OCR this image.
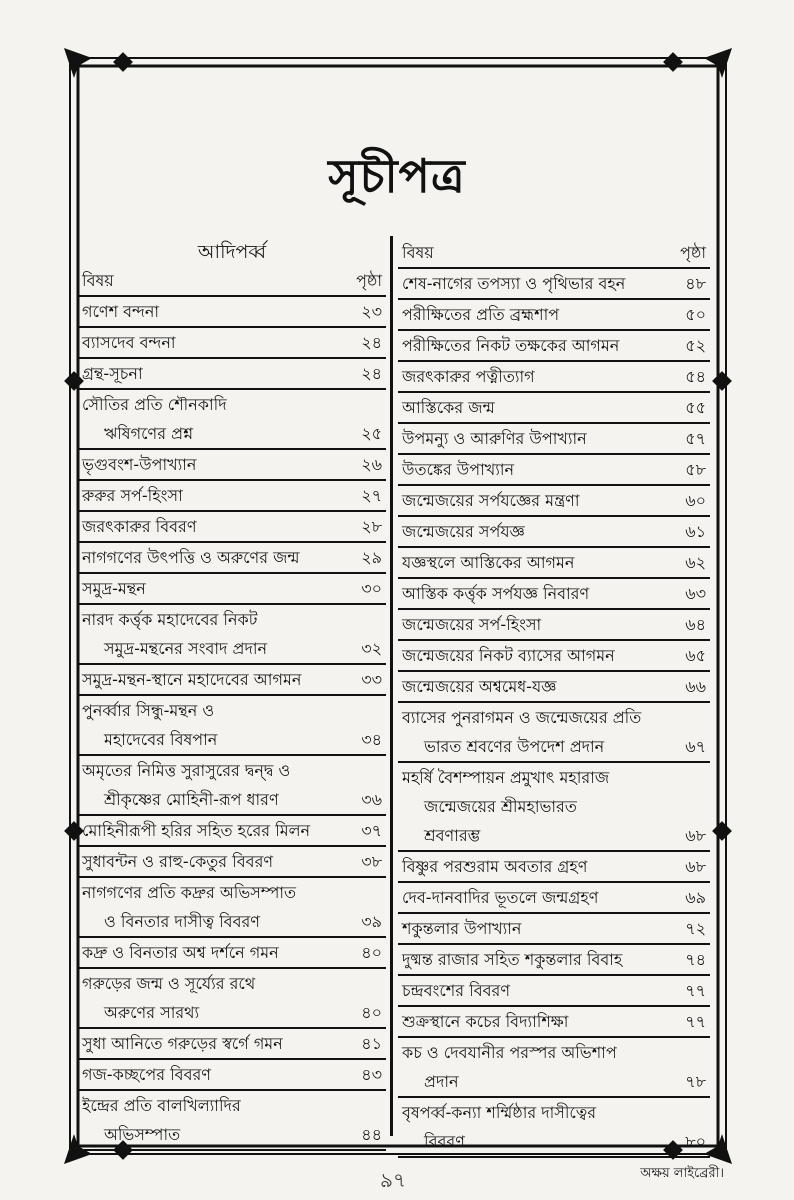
সূচীপত্র
আদিপর্ব্ব
বিষয়	পৃষ্ঠা
গণেশ বন্দনা	২৩
ব্যাসদেব বন্দনা	২৪
গ্রন্থ-সূচনা	২৪
সৌতির প্রতি শৌনকাদি
ঋষিগণের প্রশ্ন	২৫
ভৃগুবংশ-উপাখ্যান	২৬
রুরুর সর্প-হিংসা	২৭
জরৎকারুর বিবরণ	২৮
নাগগণের উৎপত্তি ও অরুণের জন্ম	২৯
সমুদ্র-মন্থন	৩০
নারদ কর্ত্তৃক মহাদেবের নিকট
সমুদ্র-মন্থনের সংবাদ প্রদান	৩২
সমুদ্র-মন্থন-স্থানে মহাদেবের আগমন	৩৩
পুনর্ব্বার সিন্ধু-মন্থন ও
মহাদেবের বিষপান	৩৪
অমৃতের নিমিত্ত সুরাসুরের দ্বন্দ্ব ও
শ্রীকৃষ্ণের মোহিনী-রূপ ধারণ	৩৬
মোহিনীরূপী হরির সহিত হরের মিলন	৩৭
সুধাবন্টন ও রাহু-কেতুর বিবরণ	৩৮
নাগগণের প্রতি কদ্রুর অভিসম্পাত
ও বিনতার দাসীত্ব বিবরণ	৩৯
কদ্রু ও বিনতার অশ্ব দর্শনে গমন	৪০
গরুড়ের জন্ম ও সূর্য্যের রথে
অরুণের সারথ্য	৪০
সুধা আনিতে গরুড়ের স্বর্গে গমন	৪১
গজ-কচ্ছপের বিবরণ	৪৩
ইন্দ্রের প্রতি বালখিল্যাদির
অভিসম্পাত	৪৪
বিষয়	পৃষ্ঠা
শেষ-নাগের তপস্যা ও পৃথিভার বহন	৪৮
পরীক্ষিতের প্রতি ব্রহ্মশাপ	৫০
পরীক্ষিতের নিকট তক্ষকের আগমন	৫২
জরৎকারুর পত্নীত্যাগ	৫৪
আস্তিকের জন্ম	৫৫
উপমন্যু ও আরুণির উপাখ্যান	৫৭
উতঙ্কের উপাখ্যান	৫৮
জন্মেজয়ের সর্পযজ্ঞের মন্ত্রণা	৬০
জন্মেজয়ের সর্পযজ্ঞ	৬১
যজ্ঞস্থলে আস্তিকের আগমন	৬২
আস্তিক কর্ত্তৃক সর্পযজ্ঞ নিবারণ	৬৩
জন্মেজয়ের সর্প-হিংসা	৬৪
জন্মেজয়ের নিকট ব্যাসের আগমন	৬৫
জন্মেজয়ের অশ্বমেধ-যজ্ঞ	৬৬
ব্যাসের পুনরাগমন ও জন্মেজয়ের প্রতি
ভারত শ্রবণের উপদেশ প্রদান	৬৭
মহর্ষি বৈশম্পায়ন প্রমুখাৎ মহারাজ
জন্মেজয়ের শ্রীমহাভারত
শ্রবণারম্ভ	৬৮
বিষ্ণুর পরশুরাম অবতার গ্রহণ	৬৮
দেব-দানবাদির ভূতলে জন্মগ্রহণ	৬৯
শকুন্তলার উপাখ্যান	৭২
দুষ্মন্ত রাজার সহিত শকুন্তলার বিবাহ	৭৪
চন্দ্রবংশের বিবরণ	৭৭
শুক্রস্থানে কচের বিদ্যাশিক্ষা	৭৭
কচ ও দেবযানীর পরস্পর অভিশাপ
প্রদান	৭৮
বৃষপর্ব্ব-কন্যা শর্ম্মিষ্ঠার দাসীত্বের
বিবরণ	৮০
৯৭	অক্ষয় লাইব্রেরী।
